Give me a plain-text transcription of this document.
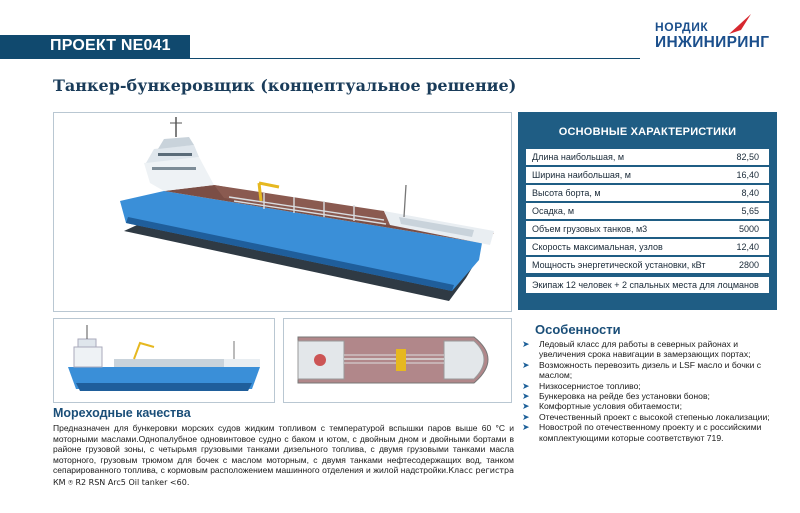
ПРОЕКТ NE041
НОРДИК
ИНЖИНИРИНГ
Танкер-бункеровщик (концептуальное решение)
ОСНОВНЫЕ ХАРАКТЕРИСТИКИ
Длина наибольшая, м	82,50
Ширина наибольшая, м	16,40
Высота борта, м	8,40
Осадка, м	5,65
Объем грузовых танков, м3	5000
Скорость максимальная, узлов	12,40
Мощность энергетической установки, кВт	2800
Экипаж 12 человек + 2 спальных места для лоцманов
Особенности
➤ Ледовый класс для работы в северных районах и увеличения срока навигации в замерзающих портах;
➤ Возможность перевозить дизель и LSF масло и бочки с маслом;
➤ Низкосернистое топливо;
➤ Бункеровка на рейде без установки бонов;
➤ Комфортные условия обитаемости;
➤ Отечественный проект с высокой степенью локализации;
➤ Новострой по отечественному проекту и с российскими комплектующими которые соответствуют 719.
Мореходные качества
Предназначен для бункеровки морских судов жидким топливом с температурой вспышки паров выше 60 °С и моторными маслами.Однопалубное одновинтовое судно с баком и ютом, с двойным дном и двойными бортами в районе грузовой зоны, с четырьмя грузовыми танками дизельного топлива, с двумя грузовыми танками масла моторного, грузовым трюмом для бочек с маслом моторным, с двумя танками нефтесодержащих вод, танком сепарированного топлива, с кормовым расположением машинного отделения и жилой надстройки.Класс регистра КМ ⍟ R2 RSN Arc5 Oil tanker <60.
